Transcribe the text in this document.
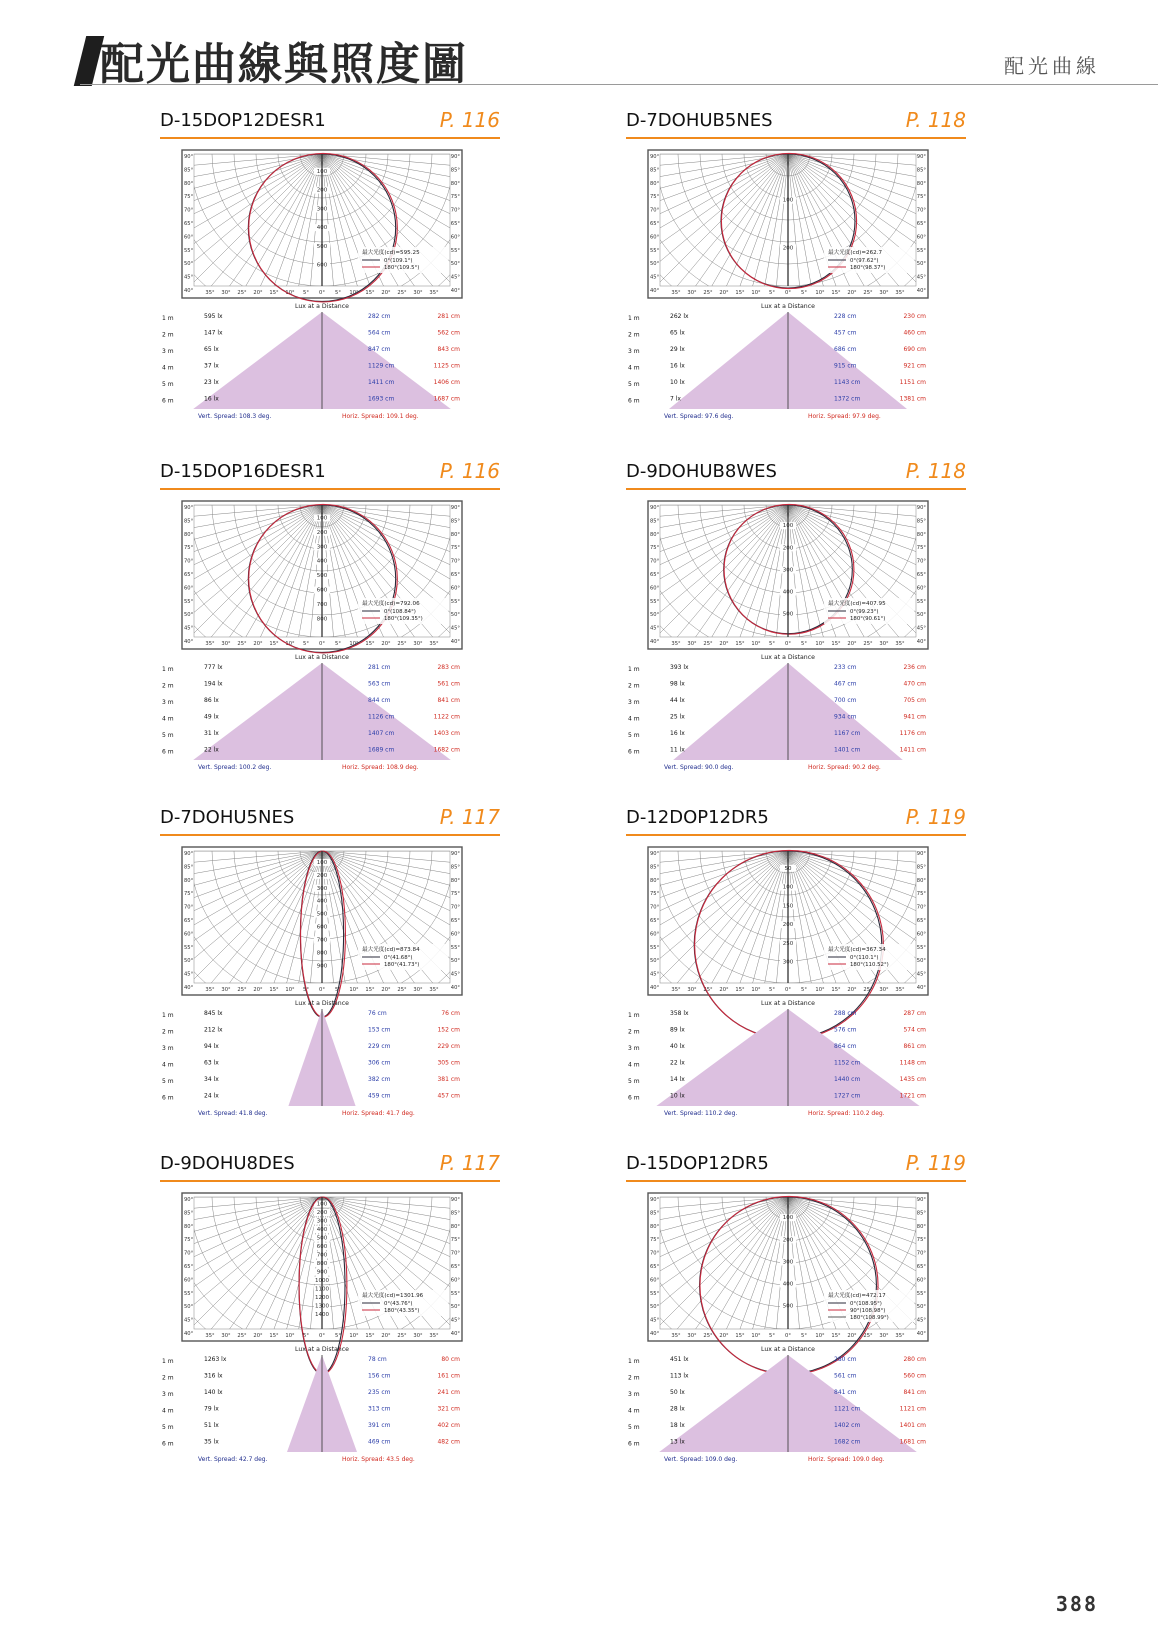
配光曲線與照度圖	配光曲線
D-15DOP12DESR1	P. 116
90°	90°
85°	85°
80°	80°
75°	75°
70°	70°
65°	65°
60°	60°
55°	55°
50°	50°
45°	45°
40°	40°
35° 30° 25° 20° 15° 10° 5° 0° 5° 10° 15° 20° 25° 30° 35°
最大光度(cd)=595.25
0°(109.1°)
180°(109.5°)
Lux at a Distance
1 m	595 lx	282 cm	281 cm
2 m	147 lx	564 cm	562 cm
3 m	65 lx	847 cm	843 cm
4 m	37 lx	1129 cm	1125 cm
5 m	23 lx	1411 cm	1406 cm
6 m	16 lx	1693 cm	1687 cm
Vert. Spread: 108.3 deg.	Horiz. Spread: 109.1 deg.
D-7DOHUB5NES	P. 118
90°	90°
85°	85°
80°	80°
75°	75°
70°	70°
65°	65°
60°	60°
55°	55°
50°	50°
45°	45°
40°	40°
35° 30° 25° 20° 15° 10° 5° 0° 5° 10° 15° 20° 25° 30° 35°
最大光度(cd)=262.7
0°(97.62°)
180°(98.37°)
Lux at a Distance
1 m	262 lx	228 cm	230 cm
2 m	65 lx	457 cm	460 cm
3 m	29 lx	686 cm	690 cm
4 m	16 lx	915 cm	921 cm
5 m	10 lx	1143 cm	1151 cm
6 m	7 lx	1372 cm	1381 cm
Vert. Spread: 97.6 deg.	Horiz. Spread: 97.9 deg.
D-15DOP16DESR1	P. 116
90°	90°
85°	85°
80°	80°
75°	75°
70°	70°
65°	65°
60°	60°
55°	55°
50°	50°
45°	45°
40°	40°
35° 30° 25° 20° 15° 10° 5° 0° 5° 10° 15° 20° 25° 30° 35°
最大光度(cd)=792.06
0°(108.84°)
180°(109.35°)
Lux at a Distance
1 m	777 lx	281 cm	283 cm
2 m	194 lx	563 cm	561 cm
3 m	86 lx	844 cm	841 cm
4 m	49 lx	1126 cm	1122 cm
5 m	31 lx	1407 cm	1403 cm
6 m	22 lx	1689 cm	1682 cm
Vert. Spread: 100.2 deg.	Horiz. Spread: 108.9 deg.
D-9DOHUB8WES	P. 118
90°	90°
85°	85°
80°	80°
75°	75°
70°	70°
65°	65°
60°	60°
55°	55°
50°	50°
45°	45°
40°	40°
35° 30° 25° 20° 15° 10° 5° 0° 5° 10° 15° 20° 25° 30° 35°
最大光度(cd)=407.95
0°(99.23°)
180°(90.61°)
Lux at a Distance
1 m	393 lx	233 cm	236 cm
2 m	98 lx	467 cm	470 cm
3 m	44 lx	700 cm	705 cm
4 m	25 lx	934 cm	941 cm
5 m	16 lx	1167 cm	1176 cm
6 m	11 lx	1401 cm	1411 cm
Vert. Spread: 90.0 deg.	Horiz. Spread: 90.2 deg.
D-7DOHU5NES	P. 117
90°	90°
85°	85°
80°	80°
75°	75°
70°	70°
65°	65°
60°	60°
55°	55°
50°	50°
45°	45°
40°	40°
35° 30° 25° 20° 15° 10° 5° 0° 5° 10° 15° 20° 25° 30° 35°
最大光度(cd)=873.84
0°(41.68°)
180°(41.73°)
Lux at a Distance
1 m	845 lx	76 cm	76 cm
2 m	212 lx	153 cm	152 cm
3 m	94 lx	229 cm	229 cm
4 m	63 lx	306 cm	305 cm
5 m	34 lx	382 cm	381 cm
6 m	24 lx	459 cm	457 cm
Vert. Spread: 41.8 deg.	Horiz. Spread: 41.7 deg.
D-12DOP12DR5	P. 119
90°	90°
85°	85°
80°	80°
75°	75°
70°	70°
65°	65°
60°	60°
55°	55°
50°	50°
45°	45°
40°	40°
35° 30° 25° 20° 15° 10° 5° 0° 5° 10° 15° 20° 25° 30° 35°
最大光度(cd)=367.34
0°(110.1°)
180°(110.52°)
Lux at a Distance
1 m	358 lx	288 cm	287 cm
2 m	89 lx	576 cm	574 cm
3 m	40 lx	864 cm	861 cm
4 m	22 lx	1152 cm	1148 cm
5 m	14 lx	1440 cm	1435 cm
6 m	10 lx	1727 cm	1721 cm
Vert. Spread: 110.2 deg.	Horiz. Spread: 110.2 deg.
D-9DOHU8DES	P. 117
90°	90°
85°	85°
80°	80°
75°	75°
70°	70°
65°	65°
60°	60°
55°	55°
50°	50°
45°	45°
40°	40°
35° 30° 25° 20° 15° 10° 5° 0° 5° 10° 15° 20° 25° 30° 35°
最大光度(cd)=1301.96
0°(43.76°)
180°(43.35°)
Lux at a Distance
1 m	1263 lx	78 cm	80 cm
2 m	316 lx	156 cm	161 cm
3 m	140 lx	235 cm	241 cm
4 m	79 lx	313 cm	321 cm
5 m	51 lx	391 cm	402 cm
6 m	35 lx	469 cm	482 cm
Vert. Spread: 42.7 deg.	Horiz. Spread: 43.5 deg.
D-15DOP12DR5	P. 119
90°	90°
85°	85°
80°	80°
75°	75°
70°	70°
65°	65°
60°	60°
55°	55°
50°	50°
45°	45°
40°	40°
35° 30° 25° 20° 15° 10° 5° 0° 5° 10° 15° 20° 25° 30° 35°
最大光度(cd)=472.17
0°(108.95°)
90°(108.98°)
180°(108.99°)
Lux at a Distance
1 m	451 lx	280 cm	280 cm
2 m	113 lx	561 cm	560 cm
3 m	50 lx	841 cm	841 cm
4 m	28 lx	1121 cm	1121 cm
5 m	18 lx	1402 cm	1401 cm
6 m	13 lx	1682 cm	1681 cm
Vert. Spread: 109.0 deg.	Horiz. Spread: 109.0 deg.
388
